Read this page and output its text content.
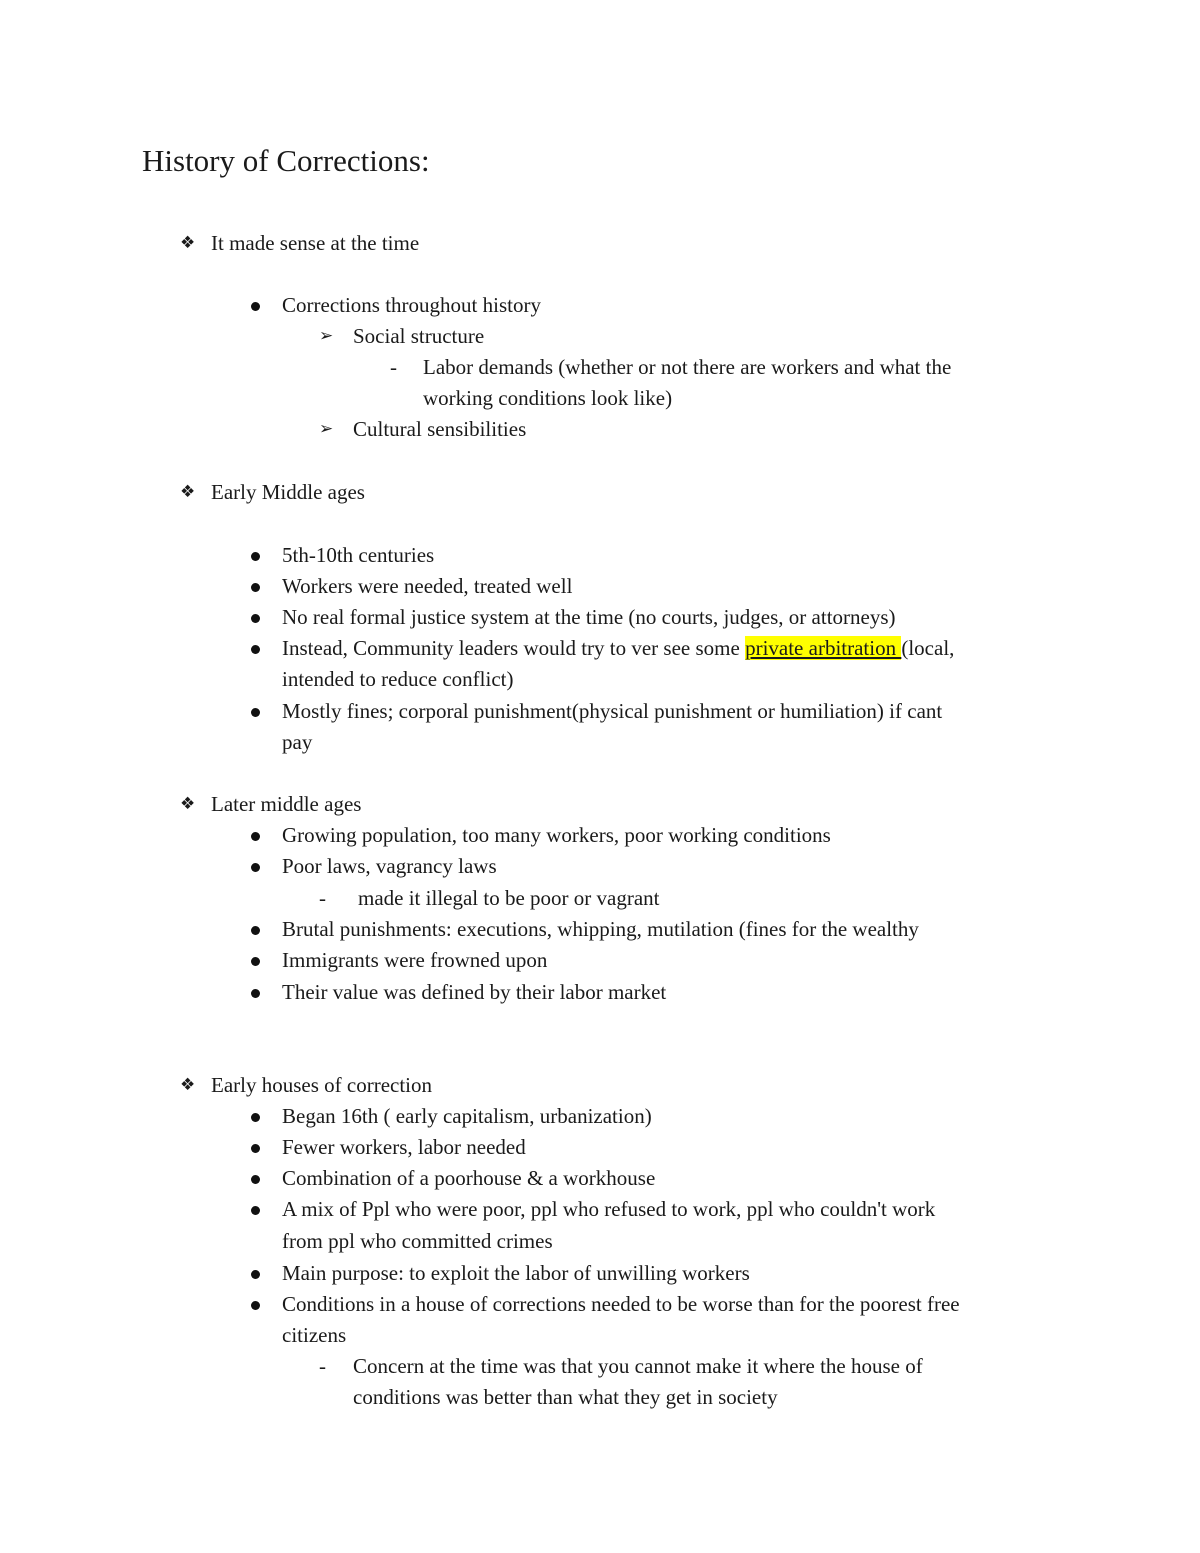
History of Corrections:
❖ It made sense at the time
Corrections throughout history
➢ Social structure
- Labor demands (whether or not there are workers and what the
working conditions look like)
➢ Cultural sensibilities
❖ Early Middle ages
5th-10th centuries
Workers were needed, treated well
No real formal justice system at the time (no courts, judges, or attorneys)
Instead, Community leaders would try to ver see some private arbitration (local,
intended to reduce conflict)
Mostly fines; corporal punishment(physical punishment or humiliation) if cant
pay
❖ Later middle ages
Growing population, too many workers, poor working conditions
Poor laws, vagrancy laws
- made it illegal to be poor or vagrant
Brutal punishments: executions, whipping, mutilation (fines for the wealthy
Immigrants were frowned upon
Their value was defined by their labor market
❖ Early houses of correction
Began 16th ( early capitalism, urbanization)
Fewer workers, labor needed
Combination of a poorhouse & a workhouse
A mix of Ppl who were poor, ppl who refused to work, ppl who couldn't work
from ppl who committed crimes
Main purpose: to exploit the labor of unwilling workers
Conditions in a house of corrections needed to be worse than for the poorest free
citizens
- Concern at the time was that you cannot make it where the house of
conditions was better than what they get in society
